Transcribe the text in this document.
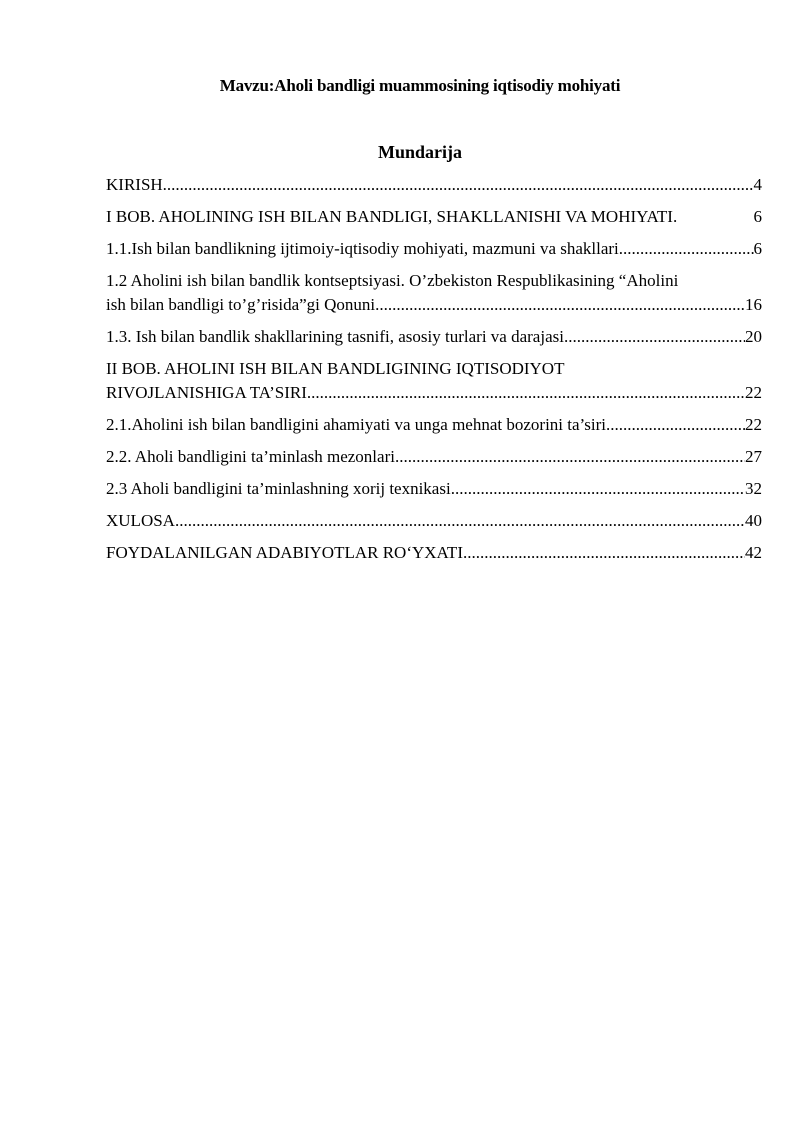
Mavzu:Aholi bandligi muammosining iqtisodiy mohiyati
Mundarija
KIRISH .....	4
I BOB. AHOLINING ISH BILAN BANDLIGI, SHAKLLANISHI VA MOHIYATI.	6
1.1.Ish bilan bandlikning ijtimoiy-iqtisodiy mohiyati, mazmuni va shakllari .....	6
1.2 Aholini ish bilan bandlik kontseptsiyasi. O’zbekiston Respublikasining “Aholini
ish bilan bandligi to’g’risida”gi Qonuni .....	16
1.3. Ish bilan bandlik shakllarining tasnifi, asosiy turlari va darajasi .....	20
II BOB. AHOLINI ISH BILAN BANDLIGINING IQTISODIYOT
RIVOJLANISHIGA TA’SIRI .....	22
2.1.Aholini ish bilan bandligini ahamiyati va unga mehnat bozorini ta’siri .....	22
2.2. Aholi bandligini ta’minlash mezonlari .....	27
2.3 Aholi bandligini ta’minlashning xorij texnikasi .....	32
XULOSA .....	40
FOYDALANILGAN ADABIYOTLAR RO‘YXATI .....	42
